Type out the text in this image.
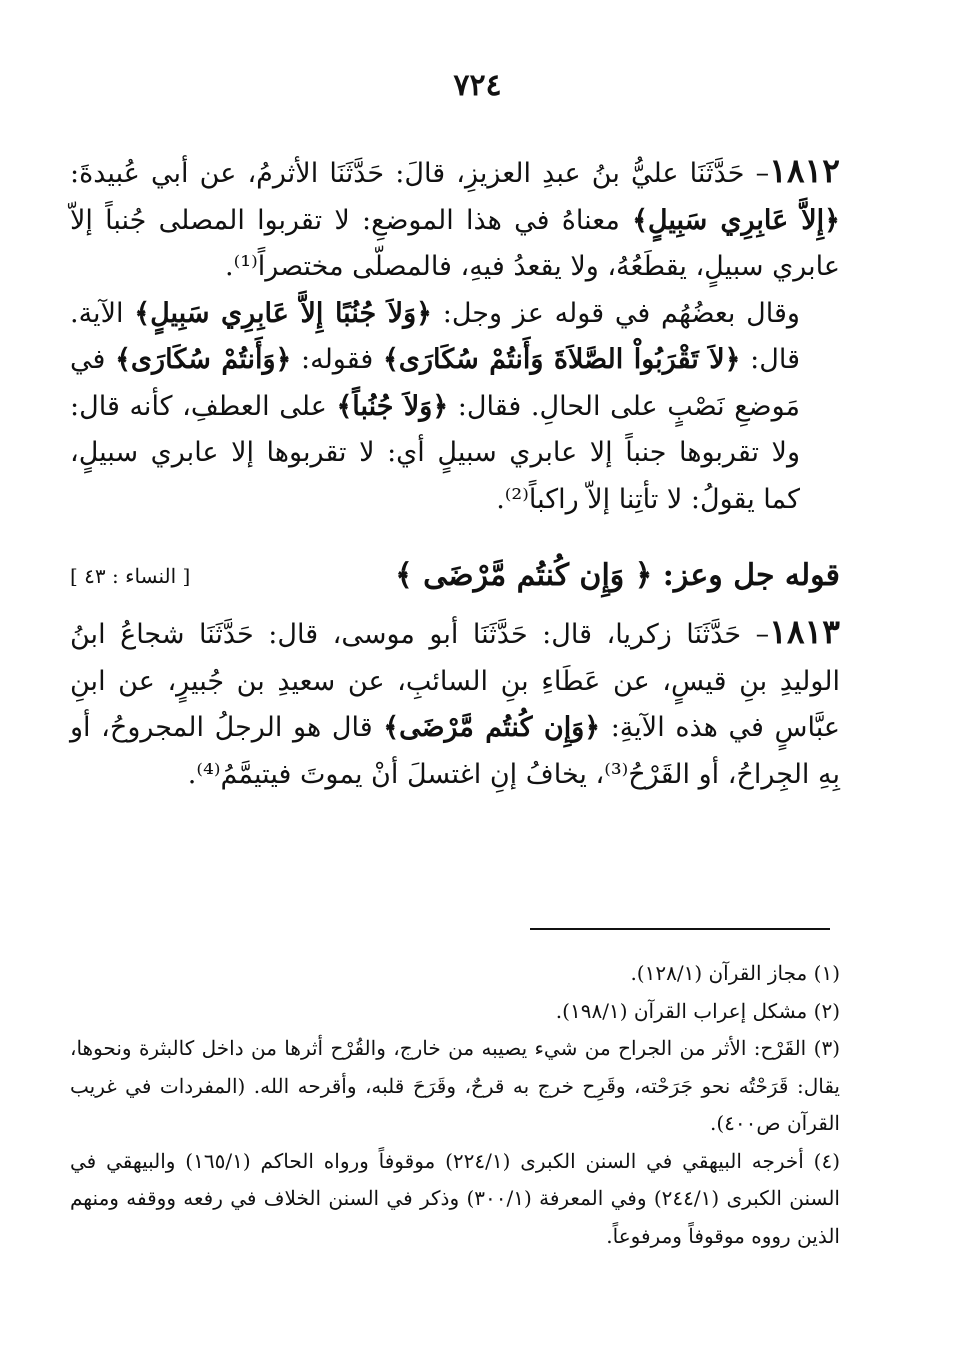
٧٢٤

١٨١٢– حَدَّثَنَا عليُّ بنُ عبدِ العزيزِ، قالَ: حَدَّثَنَا الأثرمُ، عن أبي عُبيدةَ: ﴿إِلاَّ عَابِرِي سَبِيلٍ﴾ معناهُ في هذا الموضعِ: لا تقربوا المصلى جُنباً إلاّ عابري سبيلٍ، يقطَعُهُ، ولا يقعدُ فيهِ، فالمصلّى مختصراً⁽¹⁾.

وقال بعضُهُم في قوله عز وجل: ﴿وَلاَ جُنُبًا إِلاَّ عَابِرِي سَبِيلٍ﴾ الآية. قال: ﴿لاَ تَقْرَبُواْ الصَّلاَةَ وَأَنتُمْ سُكَارَى﴾ فقوله: ﴿وَأَنتُمْ سُكَارَى﴾ في مَوضعِ نَصْبٍ على الحالِ. فقال: ﴿وَلاَ جُنُباً﴾ على العطفِ، كأنه قال: ولا تقربوها جنباً إلا عابري سبيلٍ أي: لا تقربوها إلا عابري سبيلٍ، كما يقولُ: لا تأتِنا إلاّ راكباً⁽²⁾.

قوله جل وعز: ﴿ وَإِن كُنتُم مَّرْضَى ﴾
[ النساء : ٤٣ ]

١٨١٣– حَدَّثَنَا زكريا، قال: حَدَّثَنَا أبو موسى، قال: حَدَّثَنَا شجاعُ ابنُ الوليدِ بنِ قيسٍ، عن عَطَاءِ بنِ السائبِ، عن سعيدِ بن جُبيرٍ، عن ابنِ عبَّاسٍ في هذه الآيةِ: ﴿وَإِن كُنتُم مَّرْضَى﴾ قال هو الرجلُ المجروحُ، أو بِهِ الجِراحُ، أو القَرْحُ⁽³⁾، يخافُ إنِ اغتسلَ أنْ يموتَ فيتيمَّمُ⁽⁴⁾.

(١) مجاز القرآن (١٢٨/١).

(٢) مشكل إعراب القرآن (١٩٨/١).

(٣) القَرْح: الأثر من الجراح من شيء يصيبه من خارج، والقُرْح أثرها من داخل كالبثرة ونحوها، يقال: قَرَحْتُه نحو جَرَحْته، وقَرِح خرج به قرحٌ، وقَرَحَ قلبه، وأقرحه الله. (المفردات في غريب القرآن ص٤٠٠).

(٤) أخرجه البيهقي في السنن الكبرى (٢٢٤/١) موقوفاً ورواه الحاكم (١٦٥/١) والبيهقي في السنن الكبرى (٢٤٤/١) وفي المعرفة (٣٠٠/١) وذكر في السنن الخلاف في رفعه ووقفه ومنهم الذين رووه موقوفاً ومرفوعاً.
